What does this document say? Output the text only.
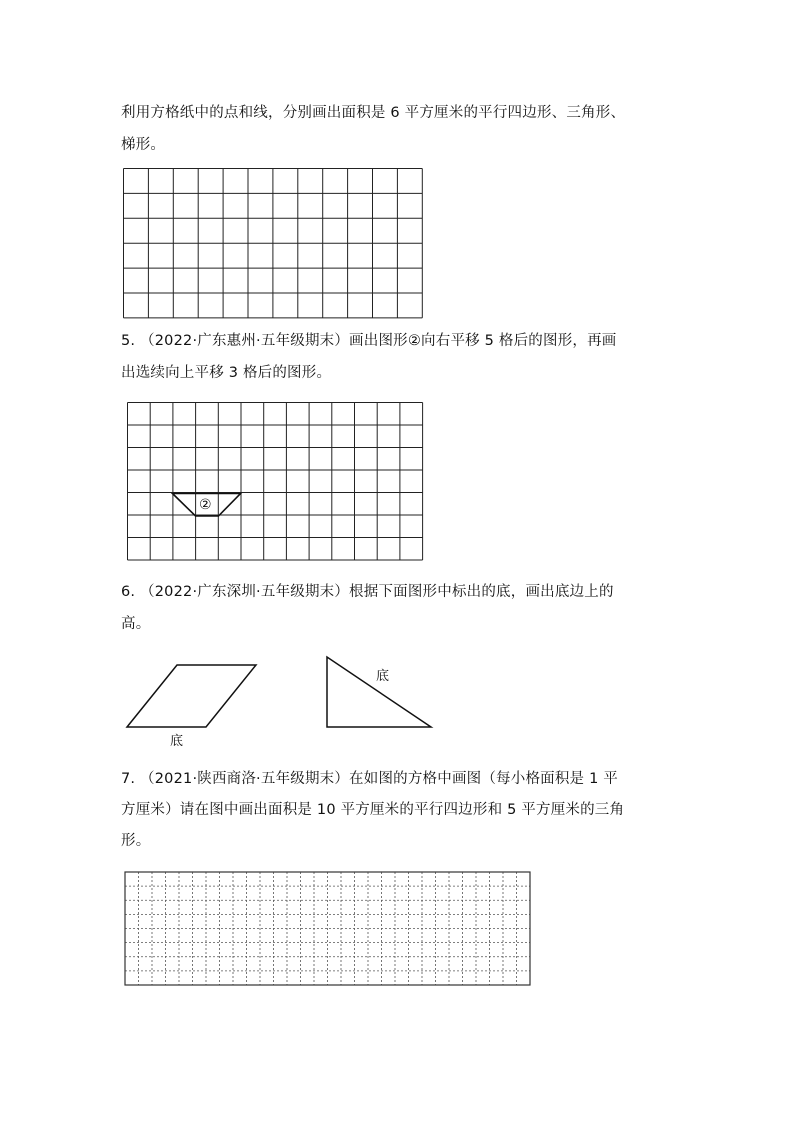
利用方格纸中的点和线，分别画出面积是 6 平方厘米的平行四边形、三角形、
梯形。
5. （2022·广东惠州·五年级期末）画出图形②向右平移 5 格后的图形，再画
出选续向上平移 3 格后的图形。
②
6. （2022·广东深圳·五年级期末）根据下面图形中标出的底，画出底边上的
高。
底
底
7. （2021·陕西商洛·五年级期末）在如图的方格中画图（每小格面积是 1 平
方厘米）请在图中画出面积是 10 平方厘米的平行四边形和 5 平方厘米的三角
形。
